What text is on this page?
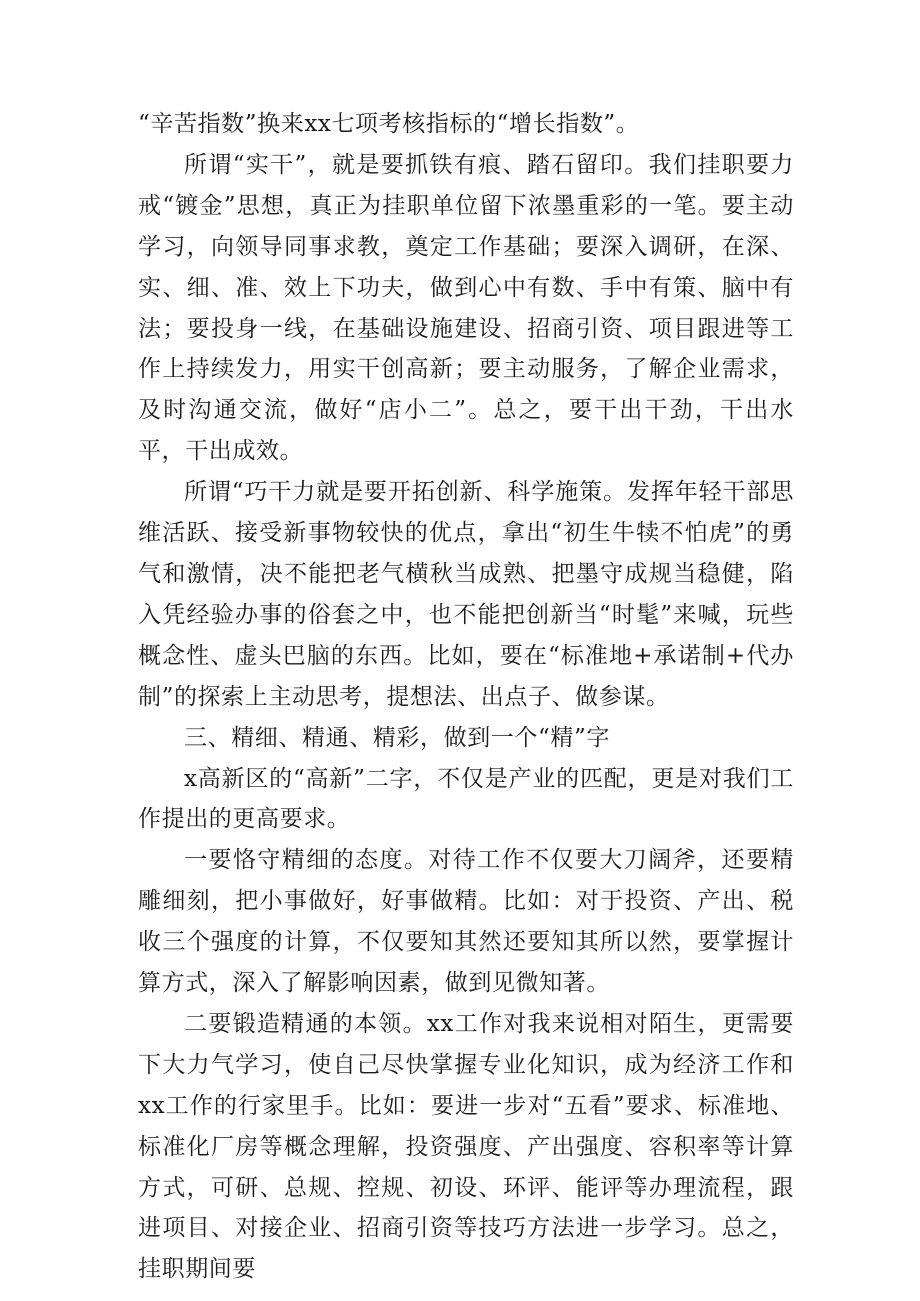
“辛苦指数”换来xx七项考核指标的“增长指数”。

所谓“实干”，就是要抓铁有痕、踏石留印。我们挂职要力戒“镀金”思想，真正为挂职单位留下浓墨重彩的一笔。要主动学习，向领导同事求教，奠定工作基础；要深入调研，在深、实、细、准、效上下功夫，做到心中有数、手中有策、脑中有法；要投身一线，在基础设施建设、招商引资、项目跟进等工作上持续发力，用实干创高新；要主动服务，了解企业需求，及时沟通交流，做好“店小二”。总之，要干出干劲，干出水平，干出成效。

所谓“巧干力就是要开拓创新、科学施策。发挥年轻干部思维活跃、接受新事物较快的优点，拿出“初生牛犊不怕虎”的勇气和激情，决不能把老气横秋当成熟、把墨守成规当稳健，陷入凭经验办事的俗套之中，也不能把创新当“时髦”来喊，玩些概念性、虚头巴脑的东西。比如，要在“标准地+承诺制+代办制”的探索上主动思考，提想法、出点子、做参谋。

三、精细、精通、精彩，做到一个“精”字

x高新区的“高新”二字，不仅是产业的匹配，更是对我们工作提出的更高要求。

一要恪守精细的态度。对待工作不仅要大刀阔斧，还要精雕细刻，把小事做好，好事做精。比如：对于投资、产出、税收三个强度的计算，不仅要知其然还要知其所以然，要掌握计算方式，深入了解影响因素，做到见微知著。

二要锻造精通的本领。xx工作对我来说相对陌生，更需要下大力气学习，使自己尽快掌握专业化知识，成为经济工作和xx工作的行家里手。比如：要进一步对“五看”要求、标准地、标准化厂房等概念理解，投资强度、产出强度、容积率等计算方式，可研、总规、控规、初设、环评、能评等办理流程，跟进项目、对接企业、招商引资等技巧方法进一步学习。总之，挂职期间要
